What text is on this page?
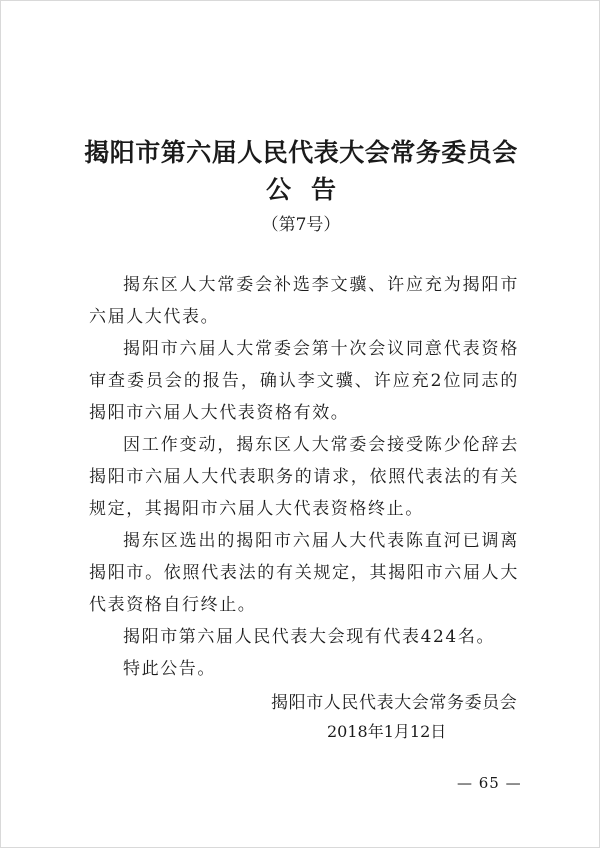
揭阳市第六届人民代表大会常务委员会
公告
（第7号）

揭东区人大常委会补选李文骥、许应充为揭阳市六届人大代表。

揭阳市六届人大常委会第十次会议同意代表资格审查委员会的报告，确认李文骥、许应充2位同志的揭阳市六届人大代表资格有效。

因工作变动，揭东区人大常委会接受陈少伦辞去揭阳市六届人大代表职务的请求，依照代表法的有关规定，其揭阳市六届人大代表资格终止。

揭东区选出的揭阳市六届人大代表陈直河已调离揭阳市。依照代表法的有关规定，其揭阳市六届人大代表资格自行终止。

揭阳市第六届人民代表大会现有代表424名。

特此公告。

揭阳市人民代表大会常务委员会
2018年1月12日
— 65 —
